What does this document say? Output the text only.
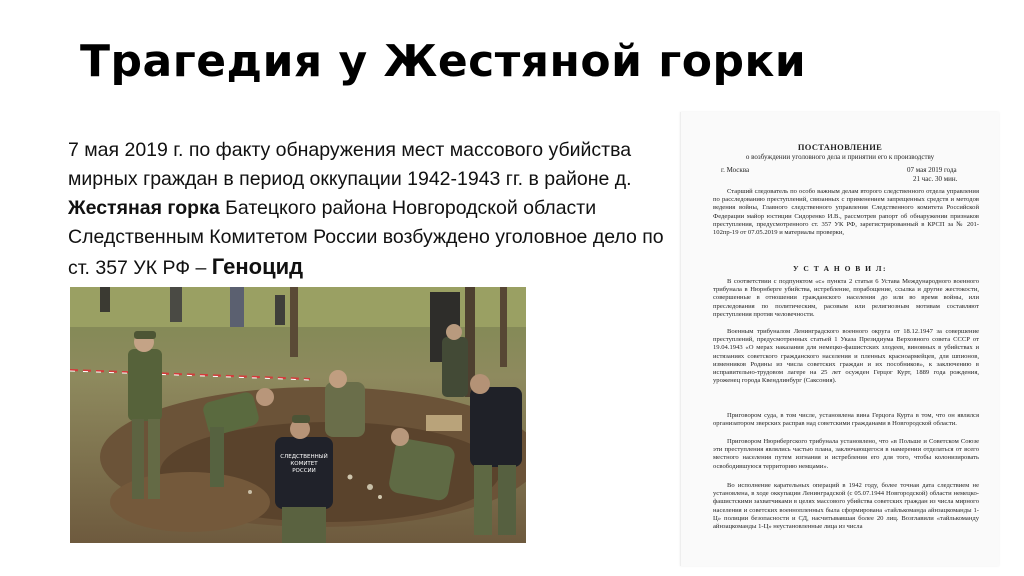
Трагедия у Жестяной горки
7 мая 2019 г. по факту обнаружения мест массового убийства мирных граждан в период оккупации 1942-1943 гг. в районе д. Жестяная горка Батецкого района Новгородской области Следственным Комитетом России возбуждено уголовное дело по ст. 357 УК РФ – Геноцид
СЛЕДСТВЕННЫЙ
КОМИТЕТ
РОССИИ
ПОСТАНОВЛЕНИЕ
о возбуждении уголовного дела и принятии его к производству
г. Москва	07 мая 2019 года
21 час. 30 мин.
Старший следователь по особо важным делам второго следственного отдела управления по расследованию преступлений, связанных с применением запрещенных средств и методов ведения войны, Главного следственного управления Следственного комитета Российской Федерации майор юстиции Сидоренко И.В., рассмотрев рапорт об обнаружении признаков преступления, предусмотренного ст. 357 УК РФ, зарегистрированный в КРСП за № 201-102пр-19 от 07.05.2019 и материалы проверки,
У С Т А Н О В И Л:
В соответствии с подпунктом «с» пункта 2 статьи 6 Устава Международного военного трибунала в Нюрнберге убийства, истребление, порабощение, ссылка и другие жестокости, совершенные в отношении гражданского населения до или во время войны, или преследования по политическим, расовым или религиозным мотивам составляют преступления против человечности.
Военным трибуналом Ленинградского военного округа от 18.12.1947 за совершение преступлений, предусмотренных статьей 1 Указа Президиума Верховного совета СССР от 19.04.1943 «О мерах наказания для немецко-фашистских злодеев, виновных в убийствах и истязаниях советского гражданского населения и пленных красноармейцев, для шпионов, изменников Родины из числа советских граждан и их пособников», к заключению в исправительно-трудовом лагере на 25 лет осужден Герцог Курт, 1889 года рождения, уроженец города Квендлинбург (Саксония).
Приговором суда, в том числе, установлена вина Герцога Курта в том, что он являлся организатором зверских расправ над советскими гражданами в Новгородской области.
Приговором Нюрнбергского трибунала установлено, что «в Польше и Советском Союзе эти преступления являлись частью плана, заключающегося в намерении отделаться от всего местного населения путем изгнания и истребления его для того, чтобы колонизировать освободившуюся территорию немцами».
Во исполнение карательных операций в 1942 году, более точная дата следствием не установлена, в ходе оккупации Ленинградской (с 05.07.1944 Новгородской) области немецко-фашистскими захватчиками в целях массового убийства советских граждан из числа мирного населения и советских военнопленных была сформирована «тайлькоманда айнзацкоманды 1-Ц» полиции безопасности и СД, насчитывавшая более 20 лиц. Возглавили «тайлькоманду айнзацкоманды 1-Ц» неустановленные лица из числа
